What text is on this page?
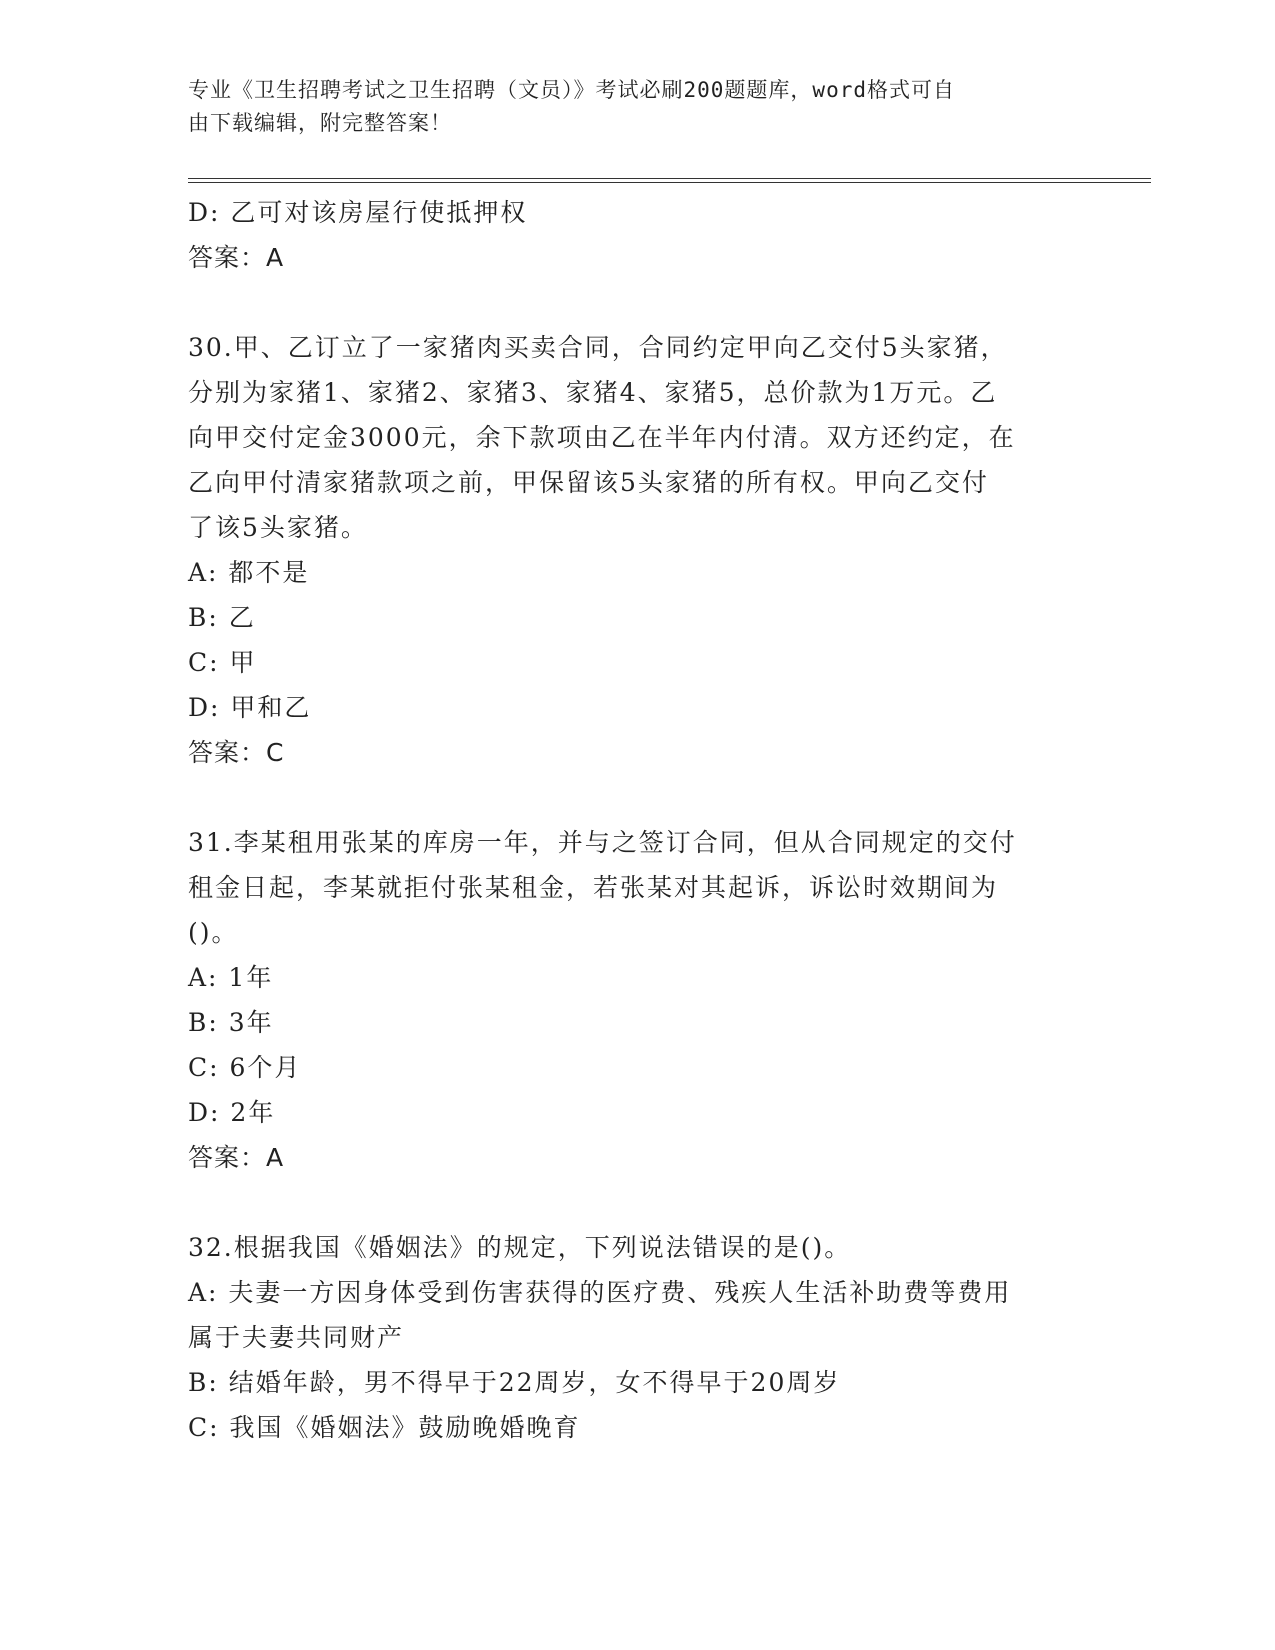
专业《卫生招聘考试之卫生招聘（文员）》考试必刷200题题库，word格式可自
由下载编辑，附完整答案！
D: 乙可对该房屋行使抵押权
答案：A
30.甲、乙订立了一家猪肉买卖合同，合同约定甲向乙交付5头家猪，
分别为家猪1、家猪2、家猪3、家猪4、家猪5，总价款为1万元。乙
向甲交付定金3000元，余下款项由乙在半年内付清。双方还约定，在
乙向甲付清家猪款项之前，甲保留该5头家猪的所有权。甲向乙交付
了该5头家猪。
A: 都不是
B: 乙
C: 甲
D: 甲和乙
答案：C
31.李某租用张某的库房一年，并与之签订合同，但从合同规定的交付
租金日起，李某就拒付张某租金，若张某对其起诉，诉讼时效期间为
()。
A: 1年
B: 3年
C: 6个月
D: 2年
答案：A
32.根据我国《婚姻法》的规定，下列说法错误的是()。
A: 夫妻一方因身体受到伤害获得的医疗费、残疾人生活补助费等费用
属于夫妻共同财产
B: 结婚年龄，男不得早于22周岁，女不得早于20周岁
C: 我国《婚姻法》鼓励晚婚晚育
